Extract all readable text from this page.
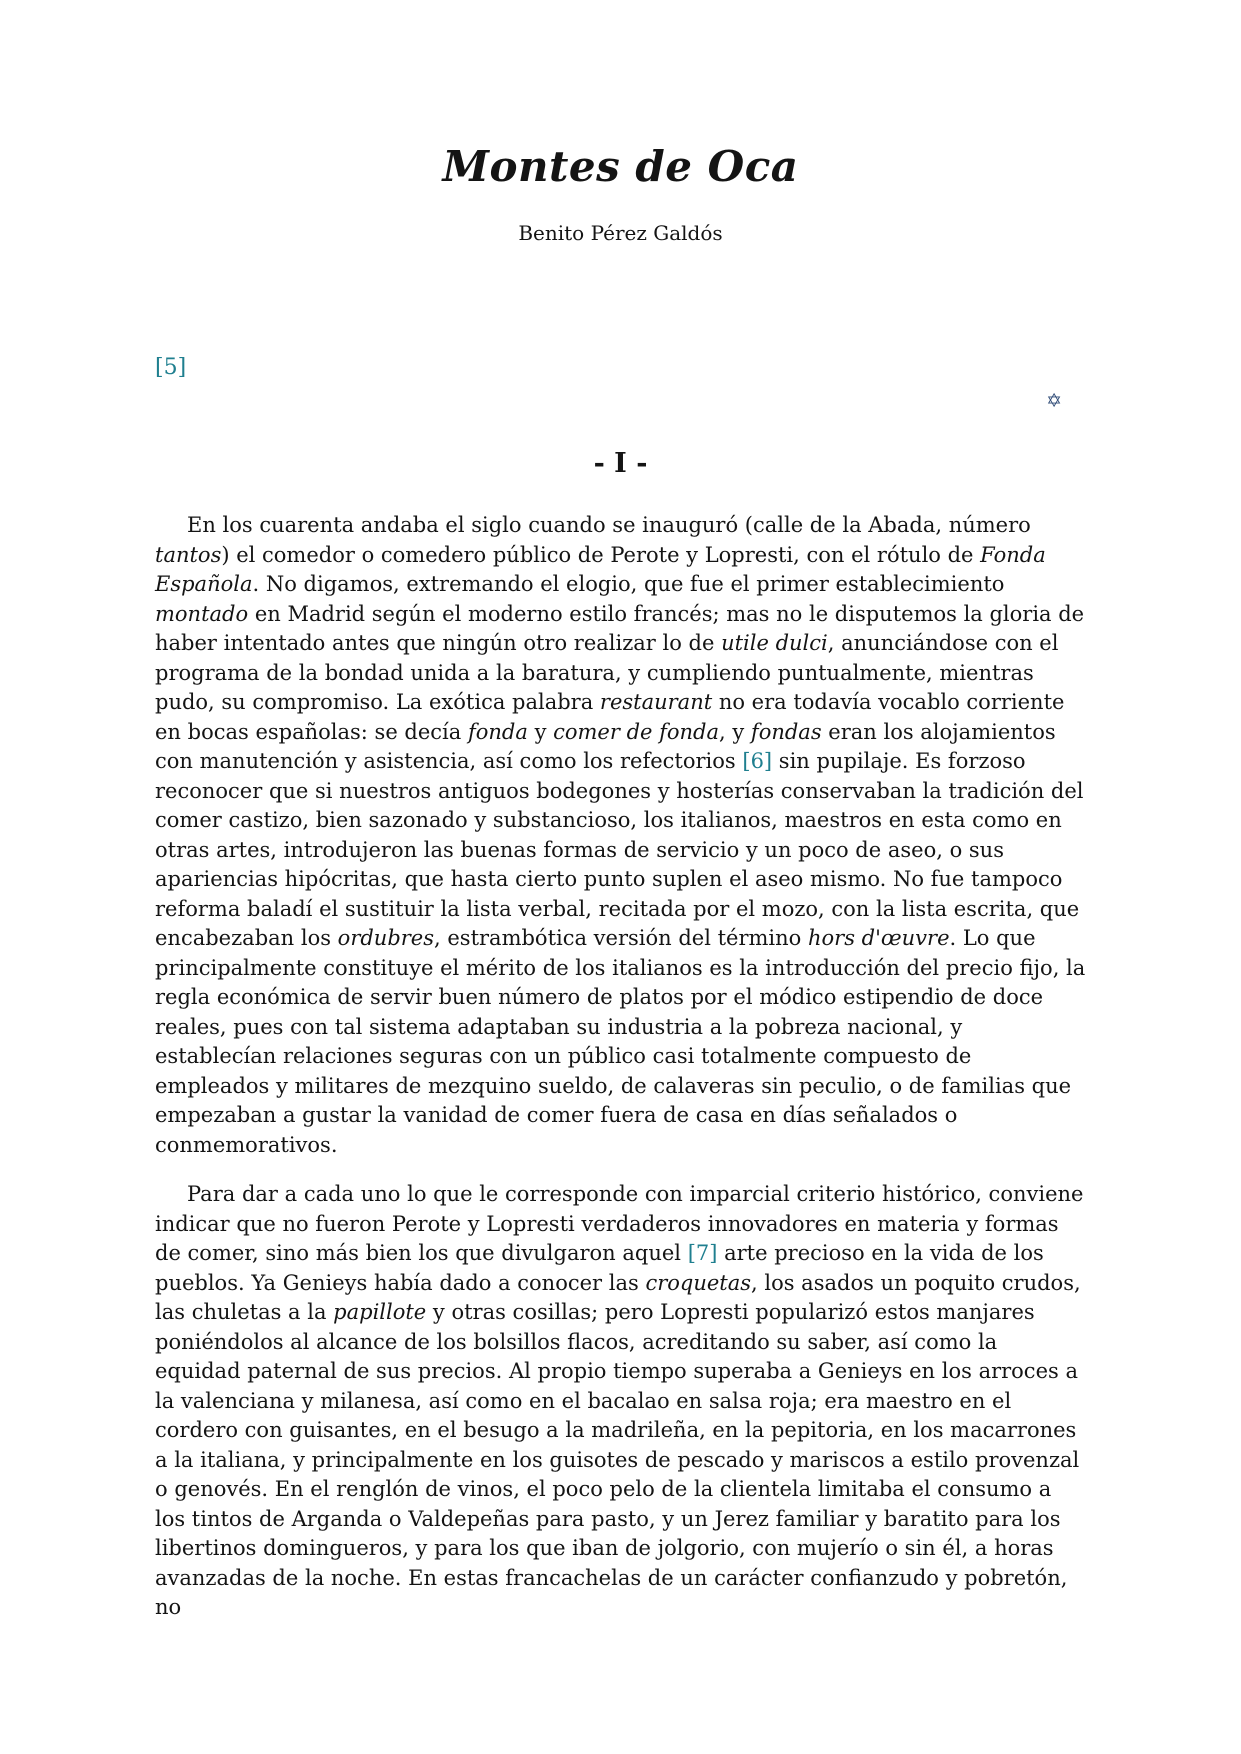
Montes de Oca
Benito Pérez Galdós
[5]
✡
- I -

En los cuarenta andaba el siglo cuando se inauguró (calle de la Abada, número tantos) el comedor o comedero público de Perote y Lopresti, con el rótulo de Fonda Española. No digamos, extremando el elogio, que fue el primer establecimiento montado en Madrid según el moderno estilo francés; mas no le disputemos la gloria de haber intentado antes que ningún otro realizar lo de utile dulci, anunciándose con el programa de la bondad unida a la baratura, y cumpliendo puntualmente, mientras pudo, su compromiso. La exótica palabra restaurant no era todavía vocablo corriente en bocas españolas: se decía fonda y comer de fonda, y fondas eran los alojamientos con manutención y asistencia, así como los refectorios [6] sin pupilaje. Es forzoso reconocer que si nuestros antiguos bodegones y hosterías conservaban la tradición del comer castizo, bien sazonado y substancioso, los italianos, maestros en esta como en otras artes, introdujeron las buenas formas de servicio y un poco de aseo, o sus apariencias hipócritas, que hasta cierto punto suplen el aseo mismo. No fue tampoco reforma baladí el sustituir la lista verbal, recitada por el mozo, con la lista escrita, que encabezaban los ordubres, estrambótica versión del término hors d'œuvre. Lo que principalmente constituye el mérito de los italianos es la introducción del precio fijo, la regla económica de servir buen número de platos por el módico estipendio de doce reales, pues con tal sistema adaptaban su industria a la pobreza nacional, y establecían relaciones seguras con un público casi totalmente compuesto de empleados y militares de mezquino sueldo, de calaveras sin peculio, o de familias que empezaban a gustar la vanidad de comer fuera de casa en días señalados o conmemorativos.

Para dar a cada uno lo que le corresponde con imparcial criterio histórico, conviene indicar que no fueron Perote y Lopresti verdaderos innovadores en materia y formas de comer, sino más bien los que divulgaron aquel [7] arte precioso en la vida de los pueblos. Ya Genieys había dado a conocer las croquetas, los asados un poquito crudos, las chuletas a la papillote y otras cosillas; pero Lopresti popularizó estos manjares poniéndolos al alcance de los bolsillos flacos, acreditando su saber, así como la equidad paternal de sus precios. Al propio tiempo superaba a Genieys en los arroces a la valenciana y milanesa, así como en el bacalao en salsa roja; era maestro en el cordero con guisantes, en el besugo a la madrileña, en la pepitoria, en los macarrones a la italiana, y principalmente en los guisotes de pescado y mariscos a estilo provenzal o genovés. En el renglón de vinos, el poco pelo de la clientela limitaba el consumo a los tintos de Arganda o Valdepeñas para pasto, y un Jerez familiar y baratito para los libertinos domingueros, y para los que iban de jolgorio, con mujerío o sin él, a horas avanzadas de la noche. En estas francachelas de un carácter confianzudo y pobretón, no
